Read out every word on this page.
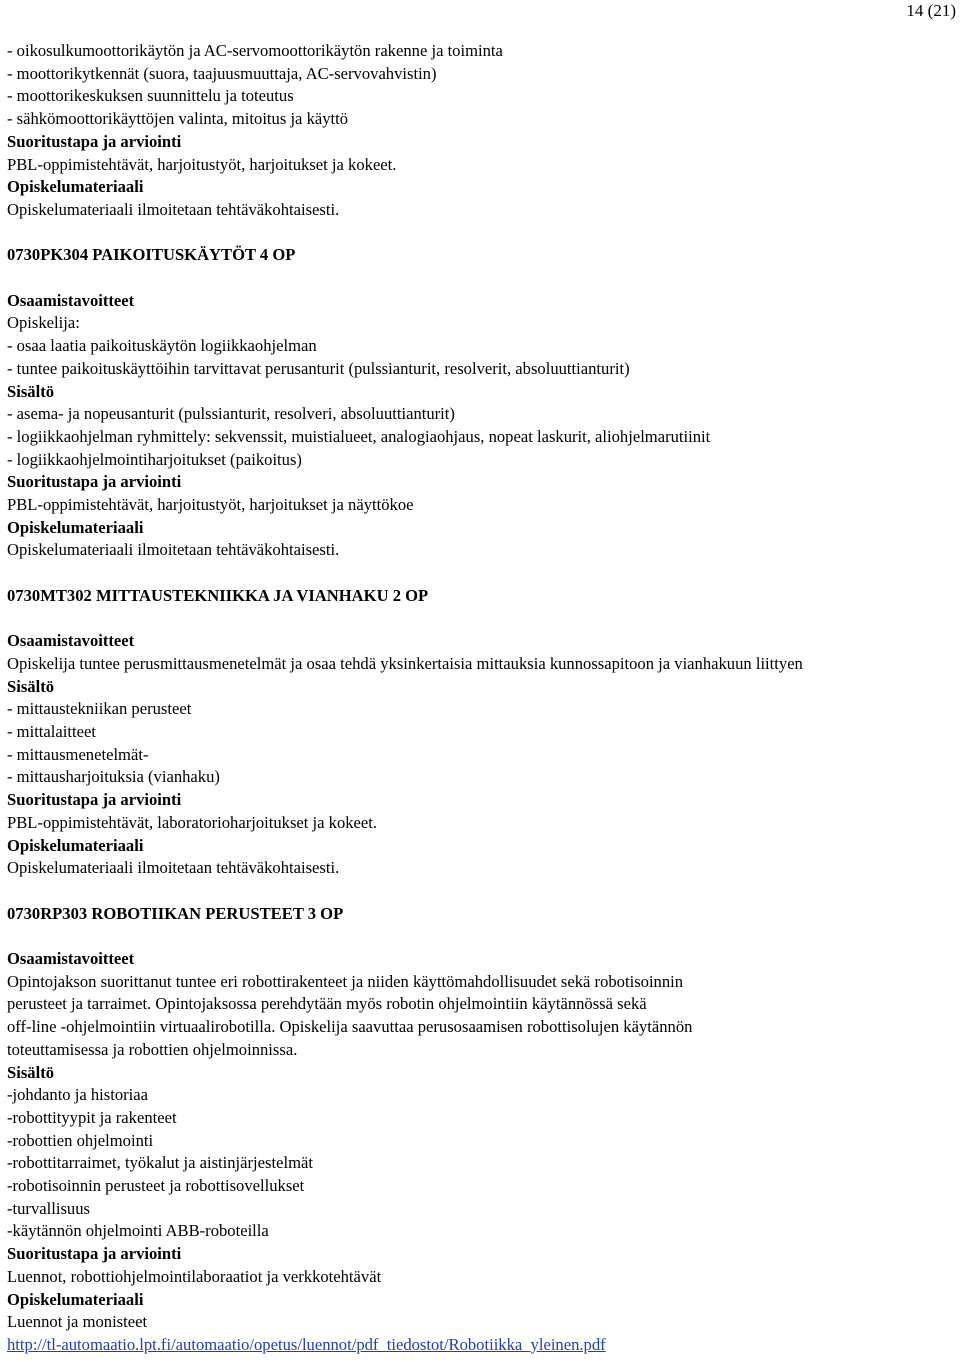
14 (21)
- oikosulkumoottorikäytön ja AC-servomoottorikäytön rakenne ja toiminta
- moottorikytkennät (suora, taajuusmuuttaja, AC-servovahvistin)
- moottorikeskuksen suunnittelu ja toteutus
- sähkömoottorikäyttöjen valinta, mitoitus ja käyttö
Suoritustapa ja arviointi
PBL-oppimistehtävät, harjoitustyöt, harjoitukset ja kokeet.
Opiskelumateriaali
Opiskelumateriaali ilmoitetaan tehtäväkohtaisesti.
0730PK304 PAIKOITUSKÄYTÖT 4 OP
Osaamistavoitteet
Opiskelija:
- osaa laatia paikoituskäytön logiikkaohjelman
- tuntee paikoituskäyttöihin tarvittavat perusanturit (pulssianturit, resolverit, absoluuttianturit)
Sisältö
- asema- ja nopeusanturit (pulssianturit, resolveri, absoluuttianturit)
- logiikkaohjelman ryhmittely: sekvenssit, muistialueet, analogiaohjaus, nopeat laskurit, aliohjelmarutiinit
- logiikkaohjelmointiharjoitukset (paikoitus)
Suoritustapa ja arviointi
PBL-oppimistehtävät, harjoitustyöt, harjoitukset ja näyttökoe
Opiskelumateriaali
Opiskelumateriaali ilmoitetaan tehtäväkohtaisesti.
0730MT302 MITTAUSTEKNIIKKA JA VIANHAKU 2 OP
Osaamistavoitteet
Opiskelija tuntee perusmittausmenetelmät ja osaa tehdä yksinkertaisia mittauksia kunnossapitoon ja vianhakuun liittyen
Sisältö
- mittaustekniikan perusteet
- mittalaitteet
- mittausmenetelmät-
- mittausharjoituksia (vianhaku)
Suoritustapa ja arviointi
PBL-oppimistehtävät, laboratorioharjoitukset ja kokeet.
Opiskelumateriaali
Opiskelumateriaali ilmoitetaan tehtäväkohtaisesti.
0730RP303 ROBOTIIKAN PERUSTEET 3 OP
Osaamistavoitteet
Opintojakson suorittanut tuntee eri robottirakenteet ja niiden käyttömahdollisuudet sekä robotisoinnin
perusteet ja tarraimet. Opintojaksossa perehdytään myös robotin ohjelmointiin käytännössä sekä
off-line -ohjelmointiin virtuaalirobotilla. Opiskelija saavuttaa perusosaamisen robottisolujen käytännön
toteuttamisessa ja robottien ohjelmoinnissa.
Sisältö
-johdanto ja historiaa
-robottityypit ja rakenteet
-robottien ohjelmointi
-robottitarraimet, työkalut ja aistinjärjestelmät
-robotisoinnin perusteet ja robottisovellukset
-turvallisuus
-käytännön ohjelmointi ABB-roboteilla
Suoritustapa ja arviointi
Luennot, robottiohjelmointilaboraatiot ja verkkotehtävät
Opiskelumateriaali
Luennot ja monisteet
http://tl-automaatio.lpt.fi/automaatio/opetus/luennot/pdf_tiedostot/Robotiikka_yleinen.pdf
